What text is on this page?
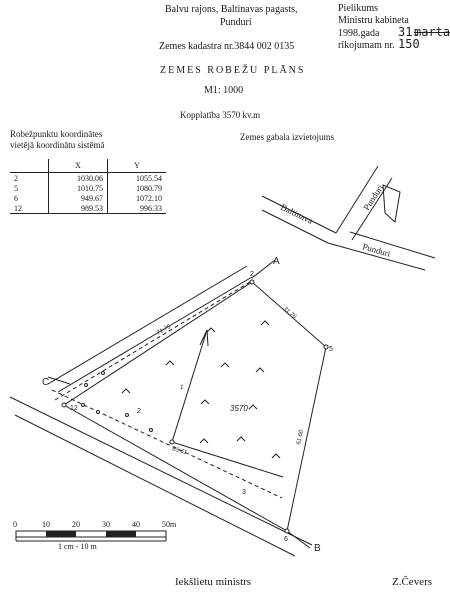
Balvu rajons, Baltinavas pagasts,
Punduri
Zemes kadastra nr.3844 002 0135
Pielikums
Ministru kabineta
1998.gada 31.
marta
rīkojumam nr. 150
ZEMES ROBEŽU PLĀNS
M1: 1000
Kopplatība 3570 kv.m
Robežpunktu koordinātes
vietējā koordinātu sistēmā
	X	Y
2	1030.06	1055.54
5	1010.75	1080.79
6	949.67	1072.10
12	989.53	996.33
Zemes gabala izvietojums
Baltinava
Punduri
Punduri
A
B
C
2
5
6
12	2
3
31.76
61.60
71.75
85.61
3570
1
0	10	20	30	40	50m
1 cm - 10 m
Iekšlietu ministrs	Z.Čevers
